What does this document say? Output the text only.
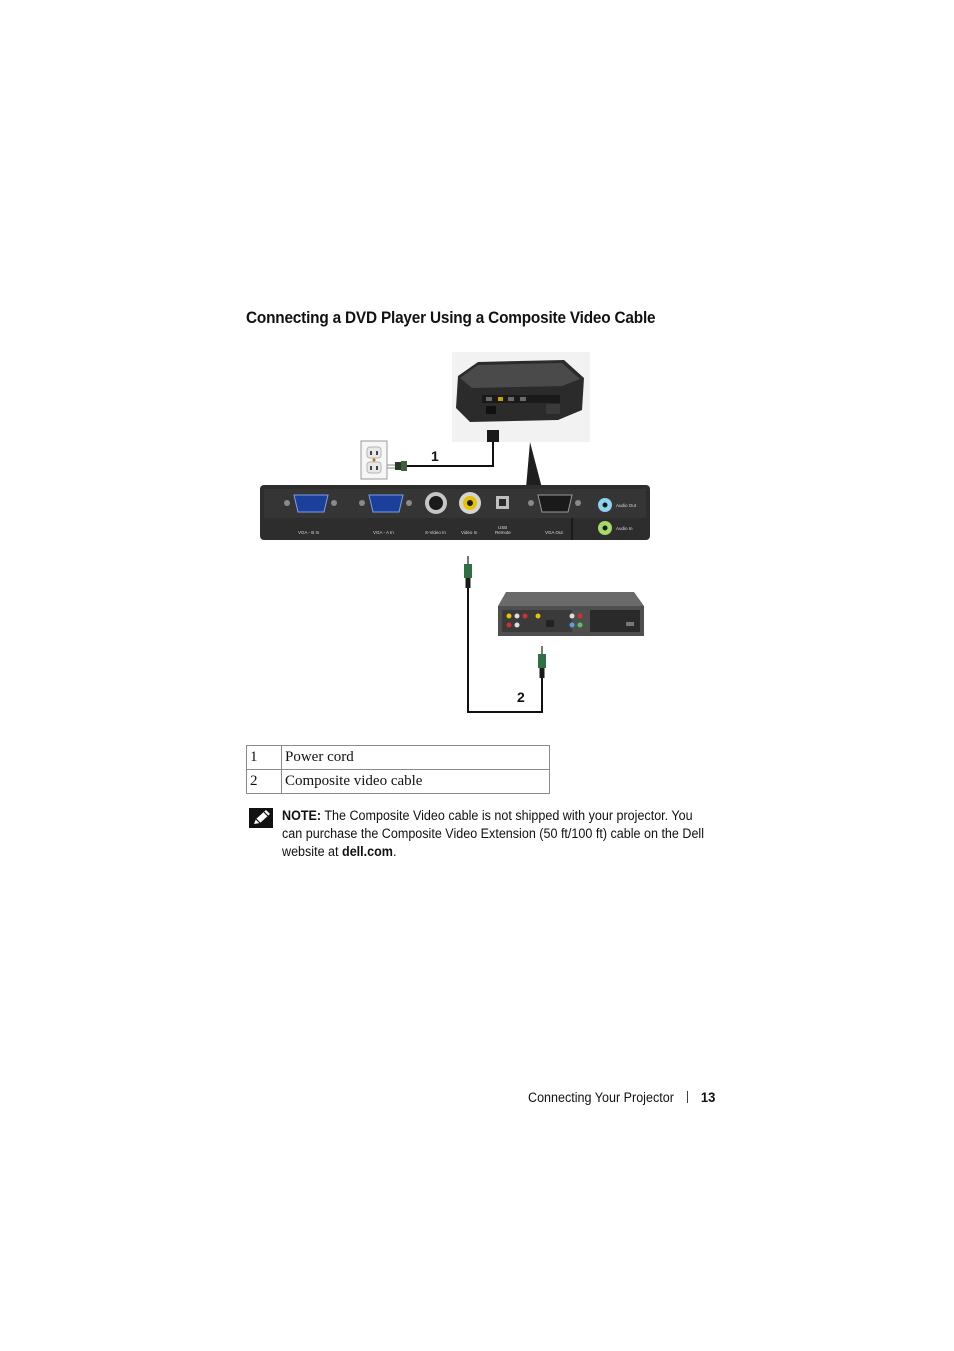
Connecting a DVD Player Using a Composite Video Cable
1
VGA - B In	VGA - A In	S-Video In	Video In
USB
Remote	VGA Out
Audio Out
Audio In
2
1	Power cord
2	Composite video cable
NOTE: The Composite Video cable is not shipped with your projector. You can purchase the Composite Video Extension (50 ft/100 ft) cable on the Dell website at dell.com.
Connecting Your Projector 13
